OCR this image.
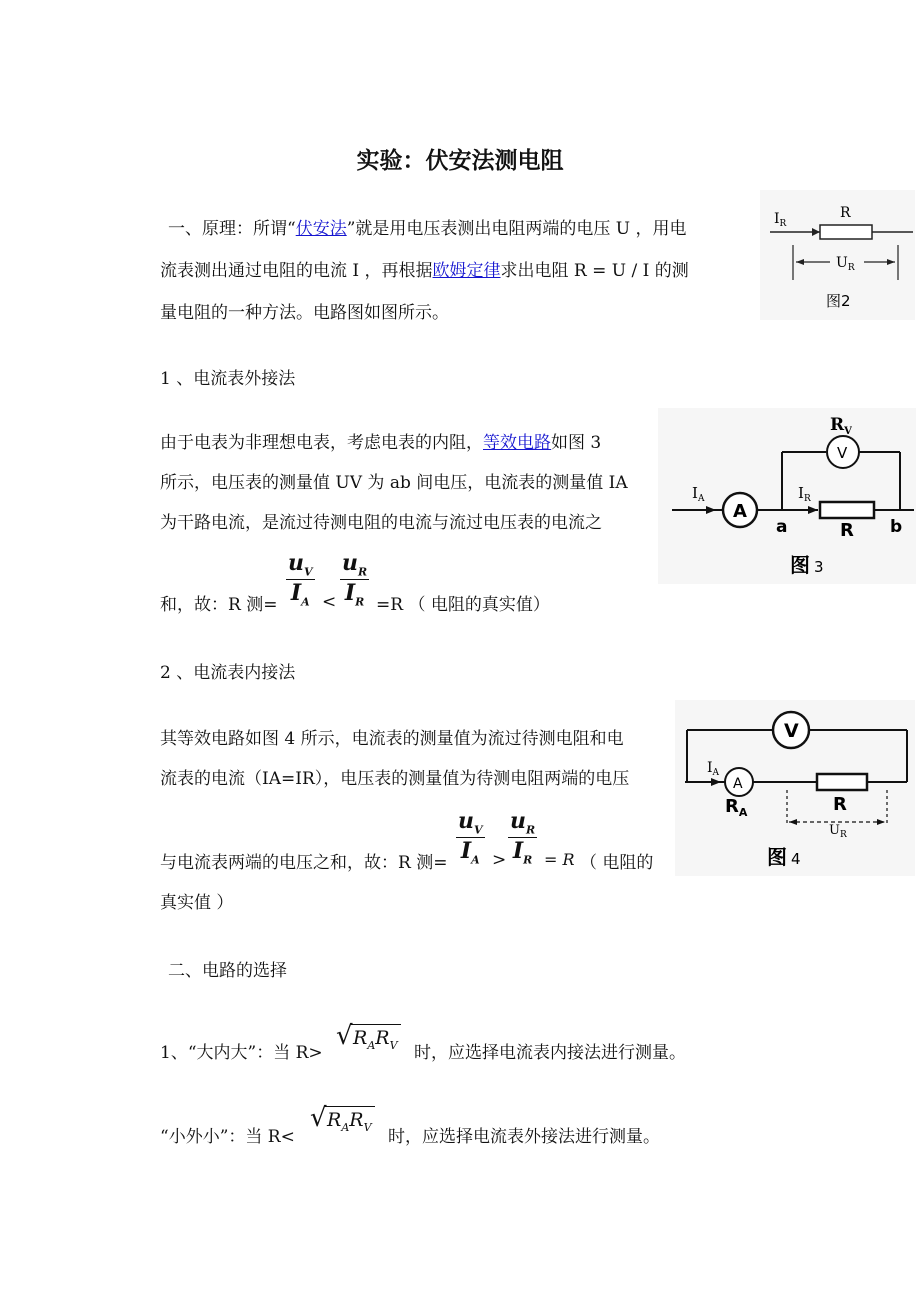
实验：伏安法测电阻
一、原理：所谓“伏安法”就是用电压表测出电阻两端的电压 U ，用电
流表测出通过电阻的电流 I ，再根据欧姆定律求出电阻 R = U / I 的测
量电阻的一种方法。电路图如图所示。
$I_R$
R
$U_R$
图2
1 、电流表外接法
由于电表为非理想电表，考虑电表的内阻，等效电路如图 3
所示，电压表的测量值 UV 为 ab 间电压，电流表的测量值 IA
为干路电流，是流过待测电阻的电流与流过电压表的电流之
和，故：R 测= $\frac{u_V}{I_A} < \frac{u_R}{I_R} =R$ （ 电阻的真实值）
A
V
$R_V$
$I_A$	$I_R$
a	R b
图 3
2 、电流表内接法
其等效电路如图 4 所示，电流表的测量值为流过待测电阻和电
流表的电流（IA=IR），电压表的测量值为待测电阻两端的电压
与电流表两端的电压之和，故：R 测= $\frac{u_V}{I_A} > \frac{u_R}{I_R} = R$ （ 电阻的
真实值 ）
V
A
$I_A$
$R_A$	R
$U_R$
图 4
二、电路的选择
1、“大内大”：当 R>
√ $R_AR_V$ 时，应选择电流表内接法进行测量。
“小外小”：当 R<
√ $R_AR_V$ 时，应选择电流表外接法进行测量。
